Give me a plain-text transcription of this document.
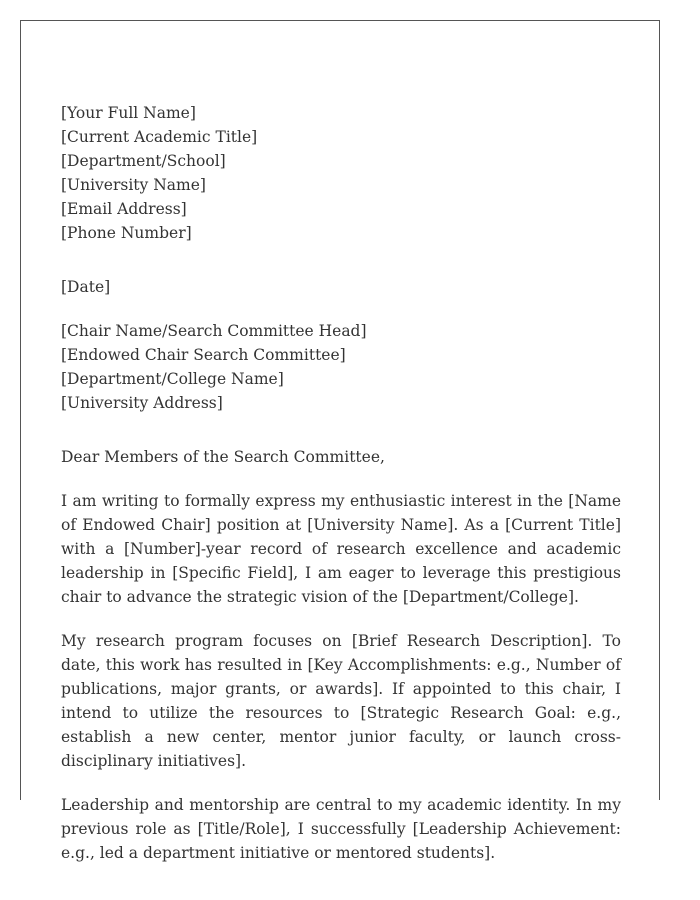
[Your Full Name]
[Current Academic Title]
[Department/School]
[University Name]
[Email Address]
[Phone Number]
[Date]
[Chair Name/Search Committee Head]
[Endowed Chair Search Committee]
[Department/College Name]
[University Address]

Dear Members of the Search Committee,

I am writing to formally express my enthusiastic interest in the [Name of Endowed Chair] position at [University Name]. As a [Current Title] with a [Number]-year record of research excellence and academic leadership in [Specific Field], I am eager to leverage this prestigious chair to advance the strategic vision of the [Department/College].

My research program focuses on [Brief Research Description]. To date, this work has resulted in [Key Accomplishments: e.g., Number of publications, major grants, or awards]. If appointed to this chair, I intend to utilize the resources to [Strategic Research Goal: e.g., establish a new center, mentor junior faculty, or launch cross-disciplinary initiatives].

Leadership and mentorship are central to my academic identity. In my previous role as [Title/Role], I successfully [Leadership Achievement: e.g., led a department initiative or mentored students].
